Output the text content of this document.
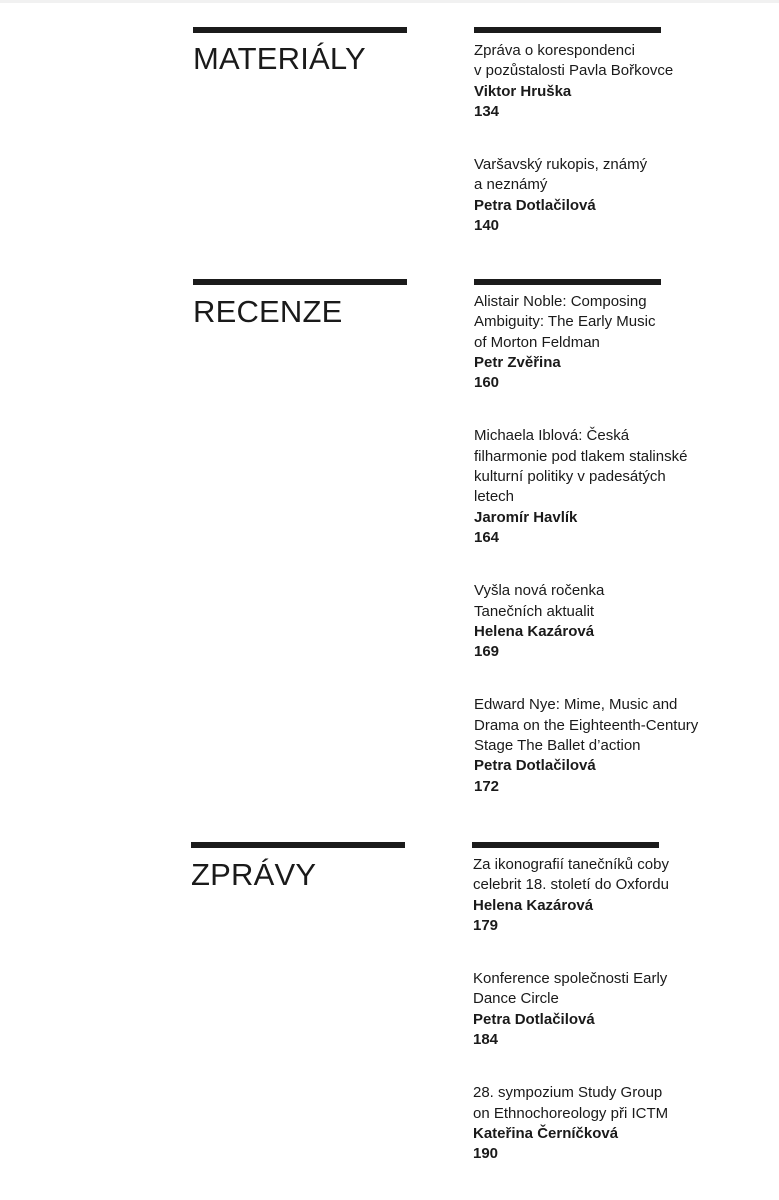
MATERIÁLY	Zpráva o korespondenci
v pozůstalosti Pavla Bořkovce
Viktor Hruška
134
Varšavský rukopis, známý
a neznámý
Petra Dotlačilová
140
RECENZE	Alistair Noble: Composing
Ambiguity: The Early Music
of Morton Feldman
Petr Zvěřina
160
Michaela Iblová: Česká
filharmonie pod tlakem stalinské
kulturní politiky v padesátých
letech
Jaromír Havlík
164
Vyšla nová ročenka
Tanečních aktualit
Helena Kazárová
169
Edward Nye: Mime, Music and
Drama on the Eighteenth-Century
Stage The Ballet d’action
Petra Dotlačilová
172
ZPRÁVY	Za ikonografií tanečníků coby
celebrit 18. století do Oxfordu
Helena Kazárová
179
Konference společnosti Early
Dance Circle
Petra Dotlačilová
184
28. sympozium Study Group
on Ethnochoreology při ICTM
Kateřina Černíčková
190
